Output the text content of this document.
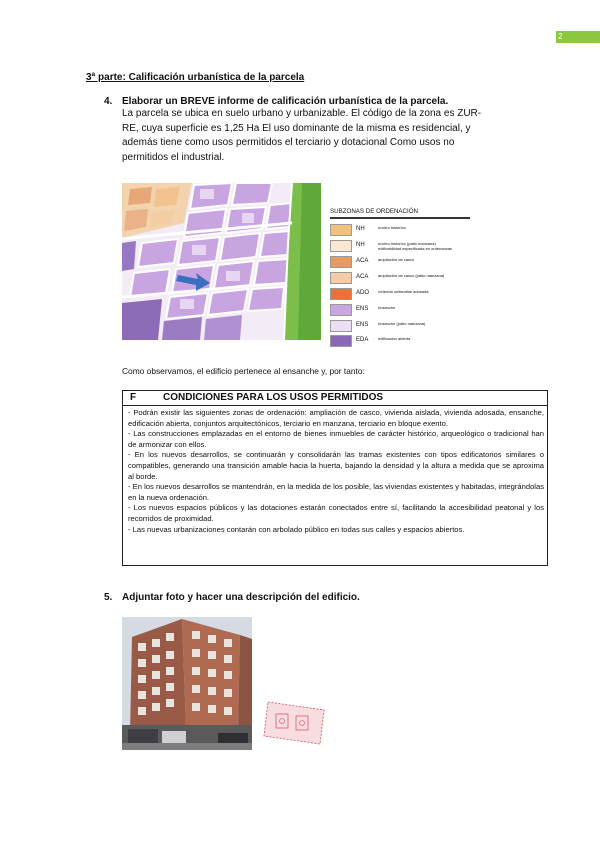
2
3ª parte: Calificación urbanística de la parcela
4. Elaborar un BREVE informe de calificación urbanística de la parcela.
La parcela se ubica en suelo urbano y urbanizable. El código de la zona es ZUR-
RE, cuya superficie es 1,25 Ha El uso dominante de la misma es residencial, y
además tiene como usos permitidos el terciario y dotacional Como usos no
permitidos el industrial.
SUBZONAS DE ORDENACIÓN
NH	núcleo histórico
NH	núcleo histórico (patio manzana)
edificabilidad especificada en ordenanzas
ACA ampliación de casco
ACA ampliación de casco (patio manzana)
ADO vivienda unifamiliar adosada
ENS ensanche
ENS ensanche (patio manzana)
EDA edificación abierta
Como observamos, el edificio pertenece al ensanche y, por tanto:
F	CONDICIONES PARA LOS USOS PERMITIDOS

- Podrán existir las siguientes zonas de ordenación: ampliación de casco, vivienda aislada, vivienda adosada, ensanche, edificación abierta, conjuntos arquitectónicos, terciario en manzana, terciario en bloque exento.

- Las construcciones emplazadas en el entorno de bienes inmuebles de carácter histórico, arqueológico o tradicional han de armonizar con ellos.

- En los nuevos desarrollos, se continuarán y consolidarán las tramas existentes con tipos edificatorios similares o compatibles, generando una transición amable hacia la huerta, bajando la densidad y la altura a medida que se aproxima al borde.

- En los nuevos desarrollos se mantendrán, en la medida de los posible, las viviendas existentes y habitadas, integrándolas en la nueva ordenación.

- Los nuevos espacios públicos y las dotaciones estarán conectados entre sí, facilitando la accesibilidad peatonal y los recorridos de proximidad.

- Las nuevas urbanizaciones contarán con arbolado público en todas sus calles y espacios abiertos.

5. Adjuntar foto y hacer una descripción del edificio.
